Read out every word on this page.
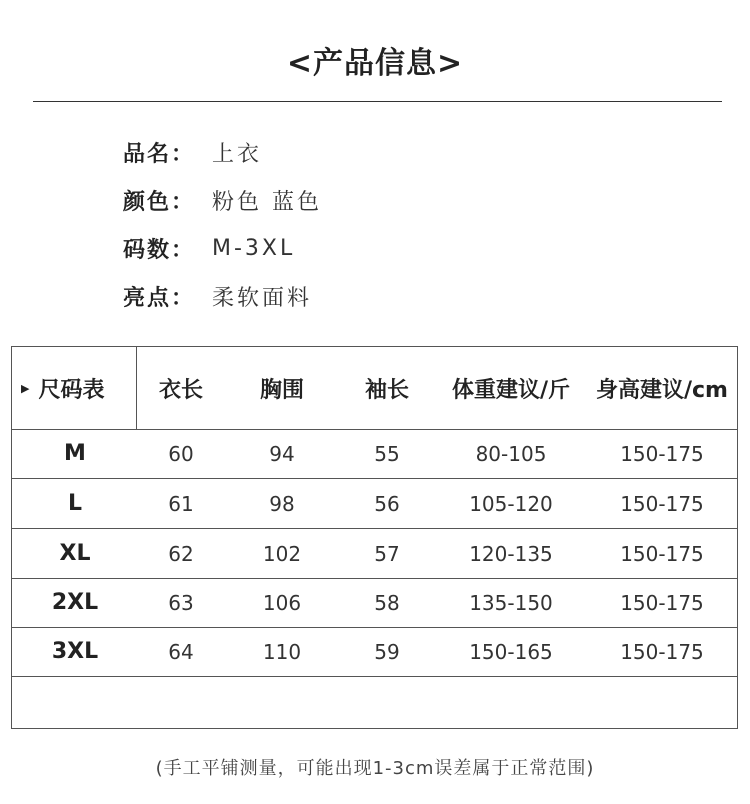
<产品信息>
品名： 上衣
颜色： 粉色 蓝色
码数： M-3XL
亮点： 柔软面料
▶ 尺码表	衣长	胸围	袖长	体重建议/斤	身高建议/cm
M	60	94	55	80-105	150-175
L	61	98	56	105-120	150-175
XL	62	102	57	120-135	150-175
2XL	63	106	58	135-150	150-175
3XL	64	110	59	150-165	150-175
(手工平铺测量，可能出现1-3cm误差属于正常范围)
